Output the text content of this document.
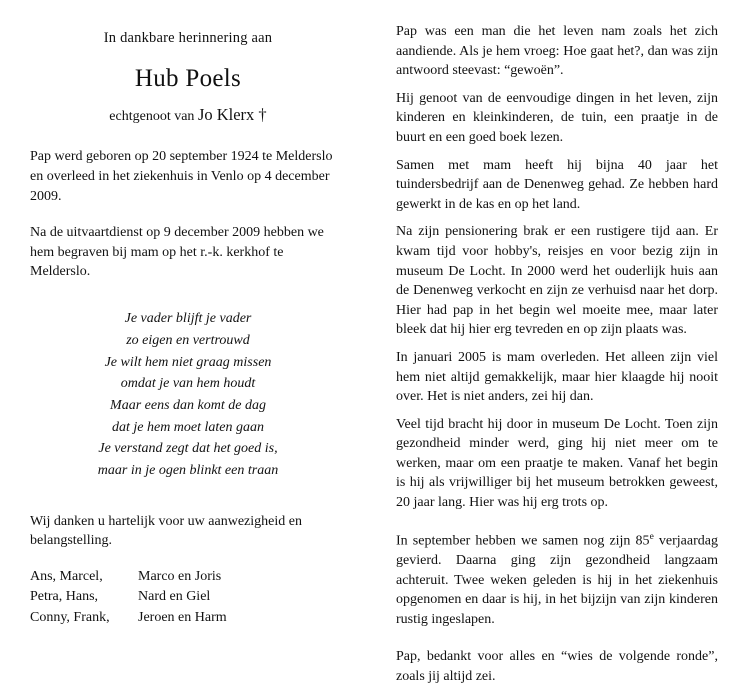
In dankbare herinnering aan
Hub Poels
echtgenoot van Jo Klerx †

Pap werd geboren op 20 september 1924 te Melderslo en overleed in het ziekenhuis in Venlo op 4 december 2009.

Na de uitvaartdienst op 9 december 2009 hebben we hem begraven bij mam op het r.-k. kerkhof te Melderslo.

Je vader blijft je vader
zo eigen en vertrouwd
Je wilt hem niet graag missen
omdat je van hem houdt
Maar eens dan komt de dag
dat je hem moet laten gaan
Je verstand zegt dat het goed is,
maar in je ogen blinkt een traan

Wij danken u hartelijk voor uw aanwezigheid en belangstelling.

Ans, Marcel,	Marco en Joris
Petra, Hans,	Nard en Giel
Conny, Frank,	Jeroen en Harm

Pap was een man die het leven nam zoals het zich aandiende. Als je hem vroeg: Hoe gaat het?, dan was zijn antwoord steevast: “gewoën”.

Hij genoot van de eenvoudige dingen in het leven, zijn kinderen en kleinkinderen, de tuin, een praatje in de buurt en een goed boek lezen.

Samen met mam heeft hij bijna 40 jaar het tuindersbedrijf aan de Denenweg gehad. Ze hebben hard gewerkt in de kas en op het land.

Na zijn pensionering brak er een rustigere tijd aan. Er kwam tijd voor hobby's, reisjes en voor bezig zijn in museum De Locht. In 2000 werd het ouderlijk huis aan de Denenweg verkocht en zijn ze verhuisd naar het dorp. Hier had pap in het begin wel moeite mee, maar later bleek dat hij hier erg tevreden en op zijn plaats was.

In januari 2005 is mam overleden. Het alleen zijn viel hem niet altijd gemakkelijk, maar hier klaagde hij nooit over. Het is niet anders, zei hij dan.

Veel tijd bracht hij door in museum De Locht. Toen zijn gezondheid minder werd, ging hij niet meer om te werken, maar om een praatje te maken. Vanaf het begin is hij als vrijwilliger bij het museum betrokken geweest, 20 jaar lang. Hier was hij erg trots op.

In september hebben we samen nog zijn 85e verjaardag gevierd. Daarna ging zijn gezondheid langzaam achteruit. Twee weken geleden is hij in het ziekenhuis opgenomen en daar is hij, in het bijzijn van zijn kinderen rustig ingeslapen.

Pap, bedankt voor alles en “wies de volgende ronde”, zoals jij altijd zei.
